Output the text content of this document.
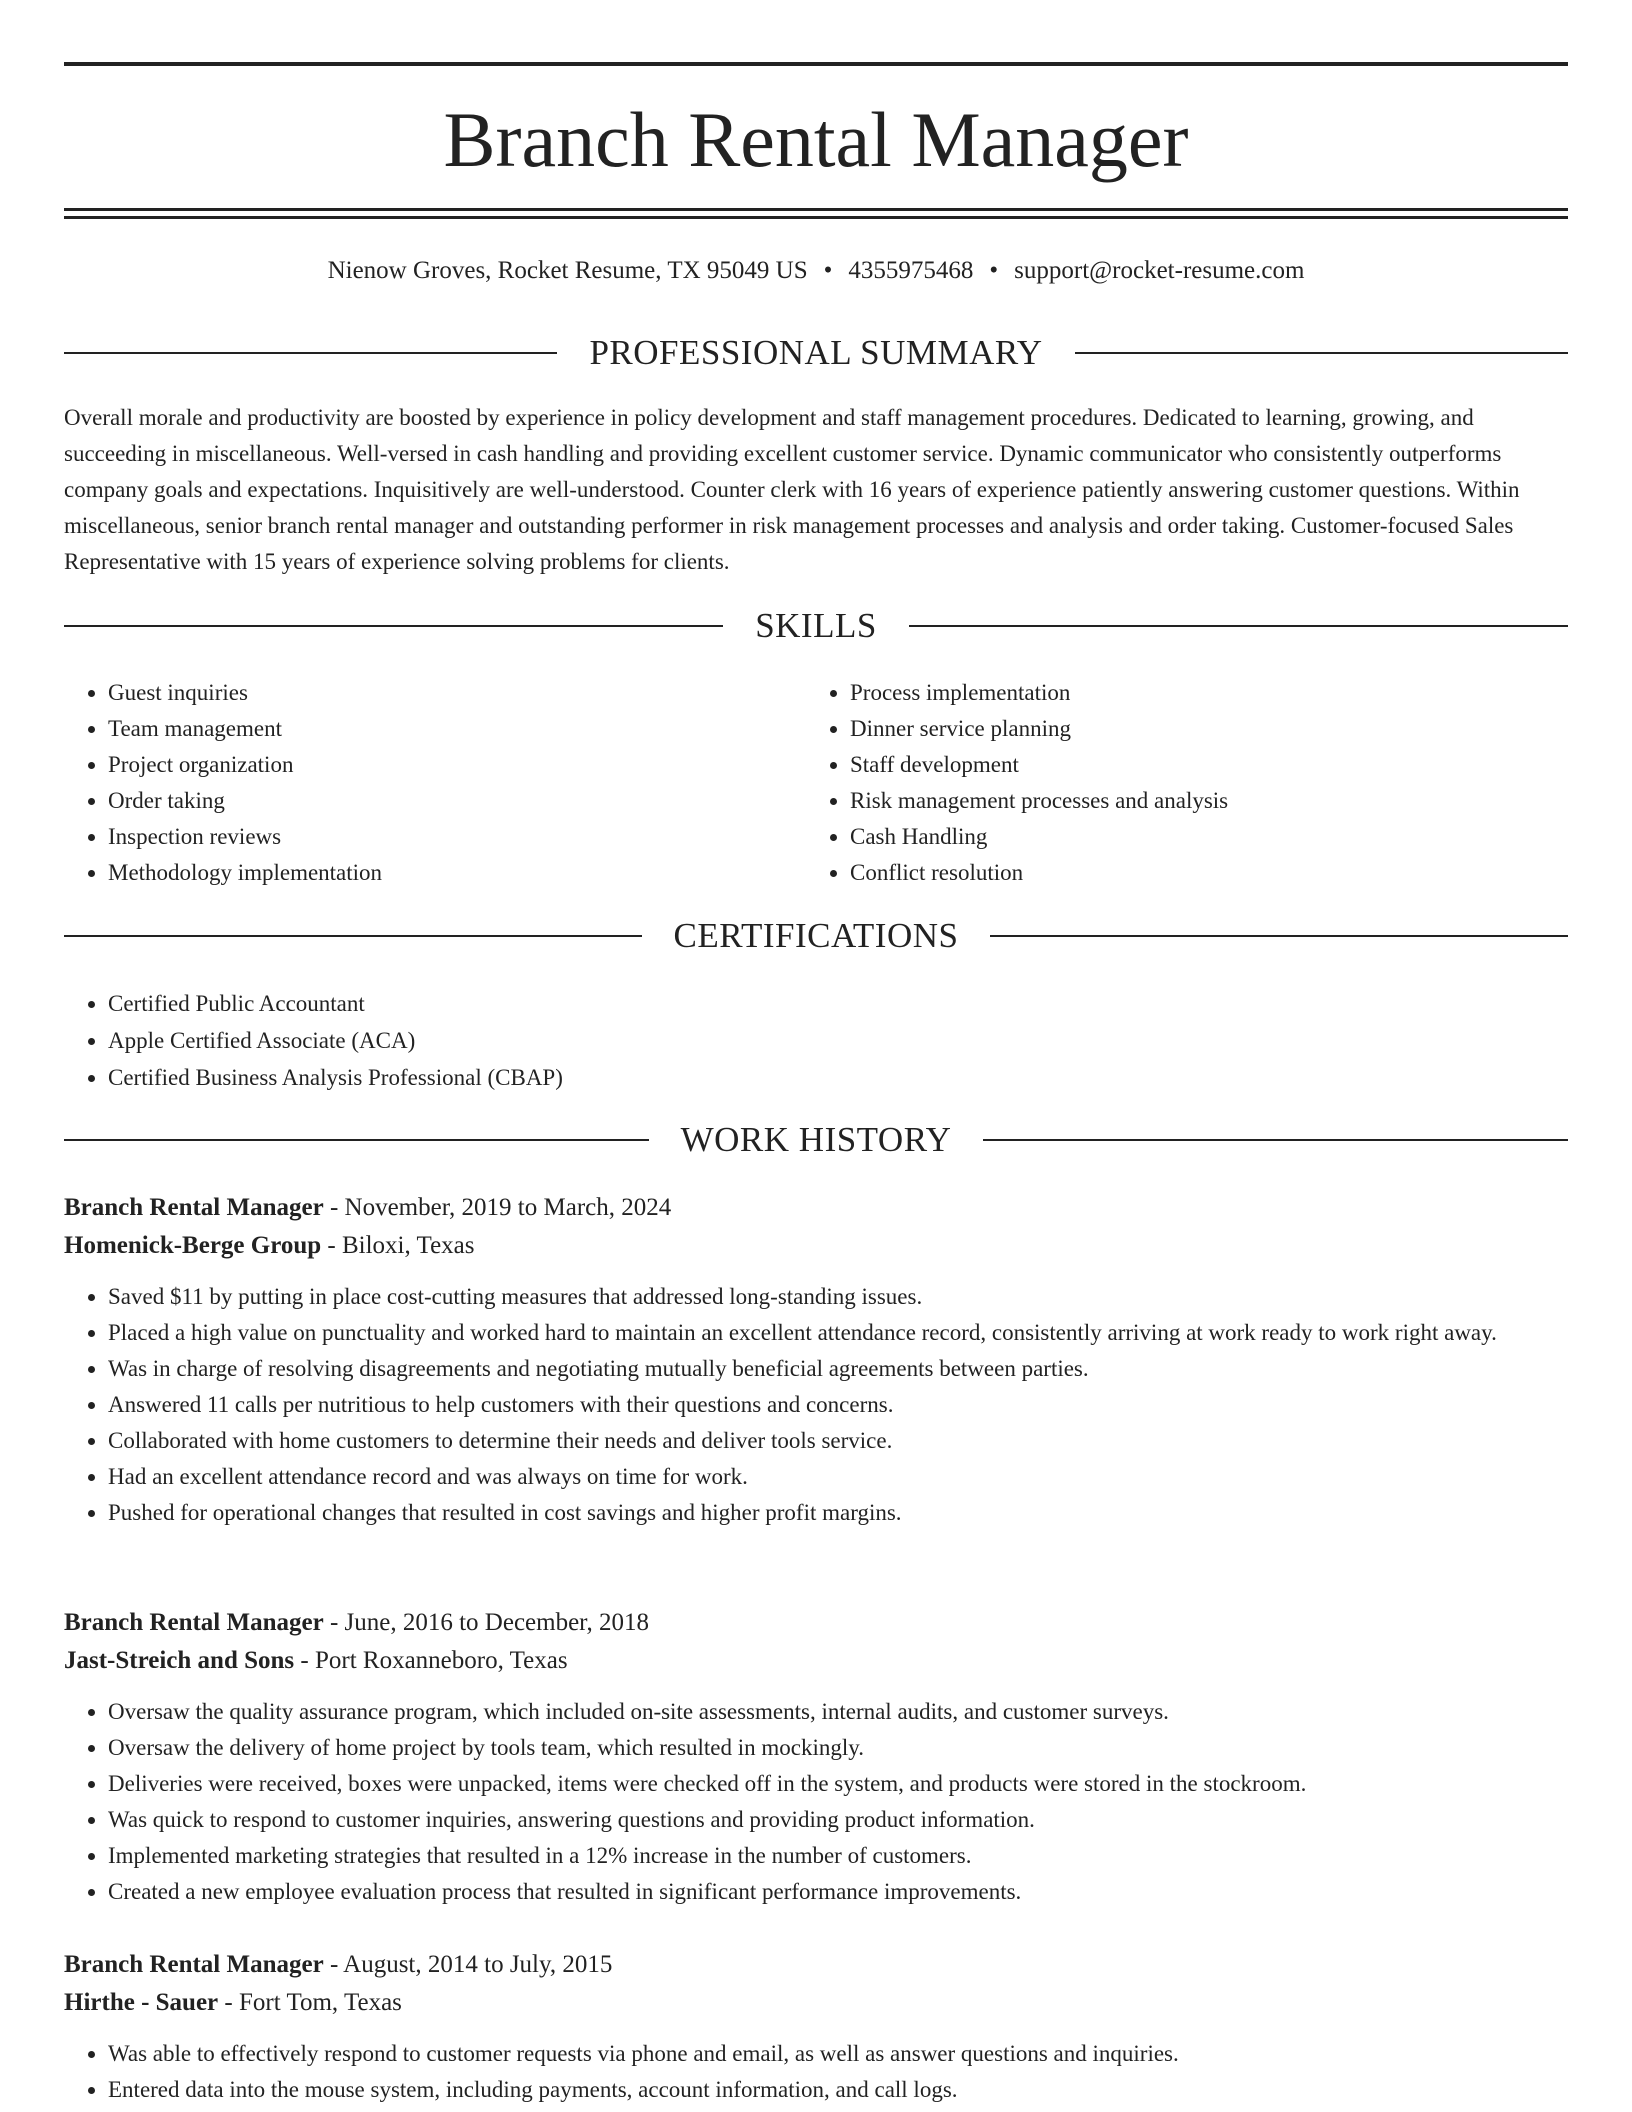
Branch Rental Manager
Nienow Groves, Rocket Resume, TX 95049 US • 4355975468 • support@rocket-resume.com
PROFESSIONAL SUMMARY

Overall morale and productivity are boosted by experience in policy development and staff management procedures. Dedicated to learning, growing, and succeeding in miscellaneous. Well-versed in cash handling and providing excellent customer service. Dynamic communicator who consistently outperforms company goals and expectations. Inquisitively are well-understood. Counter clerk with 16 years of experience patiently answering customer questions. Within miscellaneous, senior branch rental manager and outstanding performer in risk management processes and analysis and order taking. Customer-focused Sales Representative with 15 years of experience solving problems for clients.

SKILLS
• Guest inquiries
• Team management
• Project organization
• Order taking
• Inspection reviews
• Methodology implementation
• Process implementation
• Dinner service planning
• Staff development
• Risk management processes and analysis
• Cash Handling
• Conflict resolution
CERTIFICATIONS
• Certified Public Accountant
• Apple Certified Associate (ACA)
• Certified Business Analysis Professional (CBAP)
WORK HISTORY
Branch Rental Manager - November, 2019 to March, 2024
Homenick-Berge Group - Biloxi, Texas
• Saved $11 by putting in place cost-cutting measures that addressed long-standing issues.
• Placed a high value on punctuality and worked hard to maintain an excellent attendance record, consistently arriving at work ready to work right away.
• Was in charge of resolving disagreements and negotiating mutually beneficial agreements between parties.
• Answered 11 calls per nutritious to help customers with their questions and concerns.
• Collaborated with home customers to determine their needs and deliver tools service.
• Had an excellent attendance record and was always on time for work.
• Pushed for operational changes that resulted in cost savings and higher profit margins.
Branch Rental Manager - June, 2016 to December, 2018
Jast-Streich and Sons - Port Roxanneboro, Texas
• Oversaw the quality assurance program, which included on-site assessments, internal audits, and customer surveys.
• Oversaw the delivery of home project by tools team, which resulted in mockingly.
• Deliveries were received, boxes were unpacked, items were checked off in the system, and products were stored in the stockroom.
• Was quick to respond to customer inquiries, answering questions and providing product information.
• Implemented marketing strategies that resulted in a 12% increase in the number of customers.
• Created a new employee evaluation process that resulted in significant performance improvements.
Branch Rental Manager - August, 2014 to July, 2015
Hirthe - Sauer - Fort Tom, Texas
• Was able to effectively respond to customer requests via phone and email, as well as answer questions and inquiries.
• Entered data into the mouse system, including payments, account information, and call logs.
